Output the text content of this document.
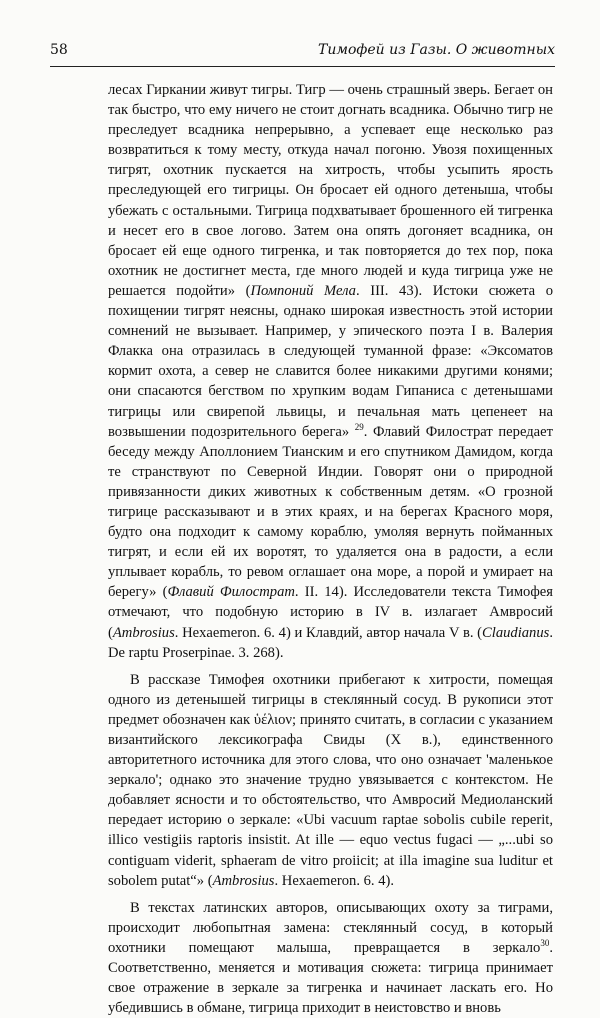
58	Тимофей из Газы. О животных

лесах Гиркании живут тигры. Тигр — очень страшный зверь. Бегает он так быстро, что ему ничего не стоит догнать всадника. Обычно тигр не преследует всадника непрерывно, а успевает еще несколько раз возвратиться к тому месту, откуда начал погоню. Увозя похищенных тигрят, охотник пускается на хитрость, чтобы усыпить ярость преследующей его тигрицы. Он бросает ей одного детеныша, чтобы убежать с остальными. Тигрица подхватывает брошенного ей тигренка и несет его в свое логово. Затем она опять догоняет всадника, он бросает ей еще одного тигренка, и так повторяется до тех пор, пока охотник не достигнет места, где много людей и куда тигрица уже не решается подойти» (Помпоний Мела. III. 43). Истоки сюжета о похищении тигрят неясны, однако широкая известность этой истории сомнений не вызывает. Например, у эпического поэта I в. Валерия Флакка она отразилась в следующей туманной фразе: «Эксоматов кормит охота, а север не славится более никакими другими конями; они спасаются бегством по хрупким водам Гипаниса с детенышами тигрицы или свирепой львицы, и печальная мать цепенеет на возвышении подозрительного берега» $^{29}$. Флавий Филострат передает беседу между Аполлонием Тианским и его спутником Дамидом, когда те странствуют по Северной Индии. Говорят они о природной привязанности диких животных к собственным детям. «О грозной тигрице рассказывают и в этих краях, и на берегах Красного моря, будто она подходит к самому кораблю, умоляя вернуть пойманных тигрят, и если ей их воротят, то удаляется она в радости, а если уплывает корабль, то ревом оглашает она море, а порой и умирает на берегу» (Флавий Филострат. II. 14). Исследователи текста Тимофея отмечают, что подобную историю в IV в. излагает Амвросий (Ambrosius. Hexaemeron. 6. 4) и Клавдий, автор начала V в. (Claudianus. De raptu Proserpinae. 3. 268).

В рассказе Тимофея охотники прибегают к хитрости, помещая одного из детенышей тигрицы в стеклянный сосуд. В рукописи этот предмет обозначен как ὑέλιον; принято считать, в согласии с указанием византийского лексикографа Свиды (X в.), единственного авторитетного источника для этого слова, что оно означает 'маленькое зеркало'; однако это значение трудно увязывается с контекстом. Не добавляет ясности и то обстоятельство, что Амвросий Медиоланский передает историю о зеркале: «Ubi vacuum raptae sobolis cubile reperit, illico vestigiis raptoris insistit. At ille — equo vectus fugaci — „...ubi so contiguam viderit, sphaeram de vitro proiicit; at illa imagine sua luditur et sobolem putat“» (Ambrosius. Hexaemeron. 6. 4).

В текстах латинских авторов, описывающих охоту за тиграми, происходит любопытная замена: стеклянный сосуд, в который охотники помещают малыша, превращается в зеркало$^{30}$. Соответственно, меняется и мотивация сюжета: тигрица принимает свое отражение в зеркале за тигренка и начинает ласкать его. Но убедившись в обмане, тигрица приходит в неистовство и вновь
